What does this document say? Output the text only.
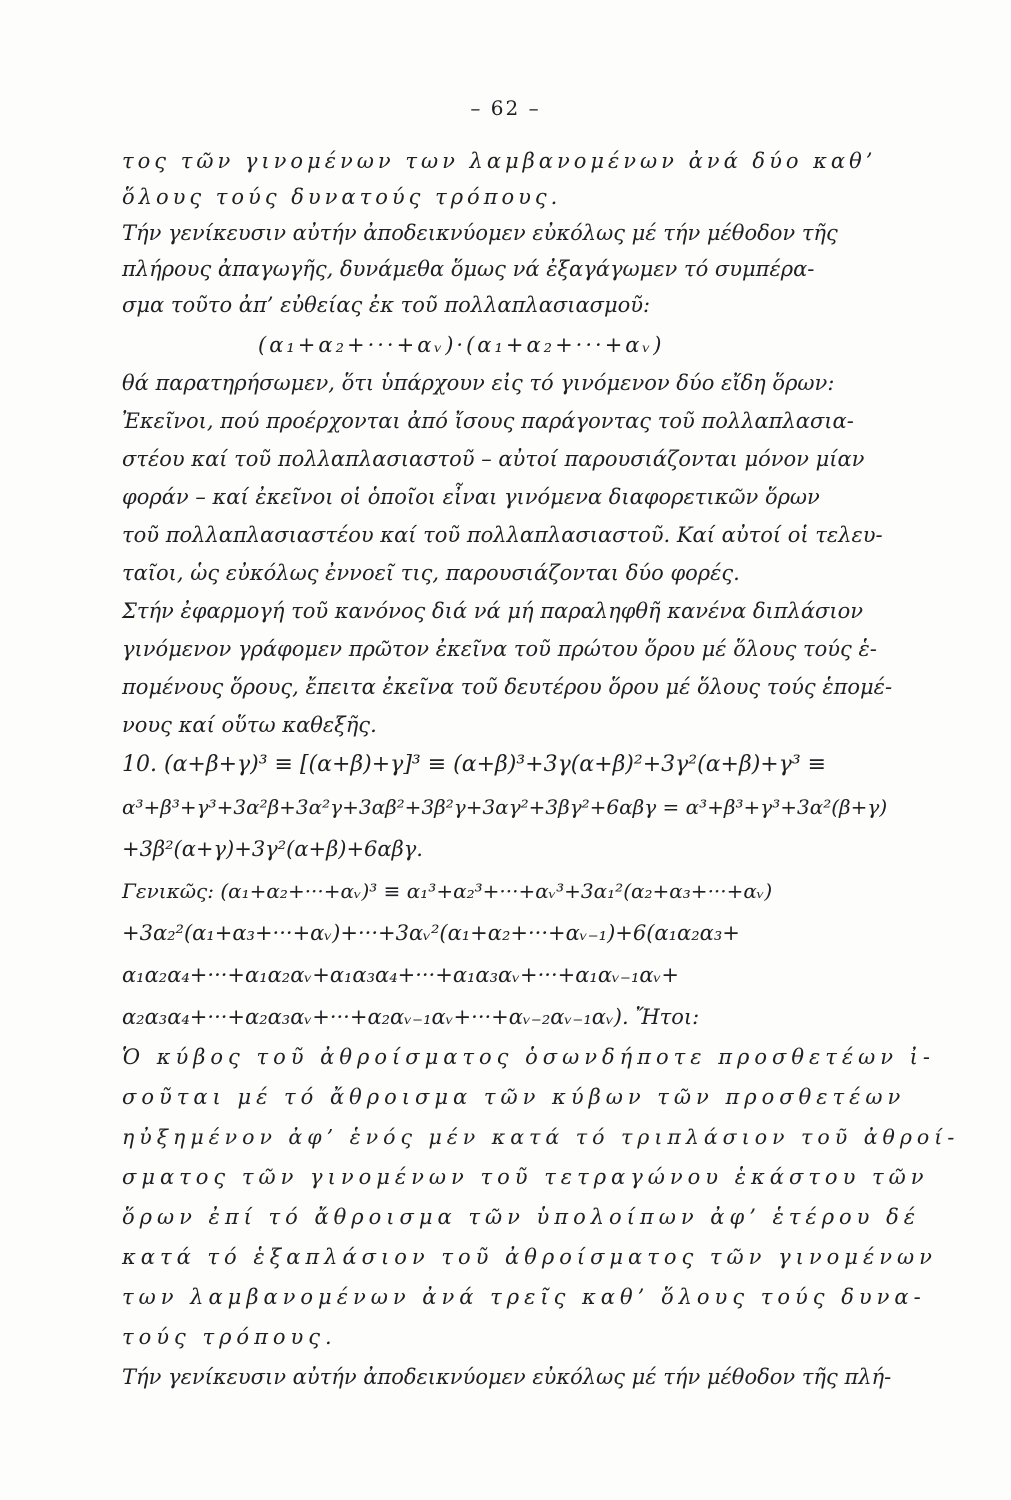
– 62 –
τος τῶν γινομένων των λαμβανομένων ἀνά δύο καθ’
ὅλους τούς δυνατούς τρόπους.
Τήν γενίκευσιν αὐτήν ἀποδεικνύομεν εὐκόλως μέ τήν μέθοδον τῆς
πλήρους ἀπαγωγῆς, δυνάμεθα ὅμως νά ἐξαγάγωμεν τό συμπέρα-
σμα τοῦτο ἀπ’ εὐθείας ἐκ τοῦ πολλαπλασιασμοῦ:
(α₁+α₂+···+αᵥ)·(α₁+α₂+···+αᵥ)
θά παρατηρήσωμεν, ὅτι ὑπάρχουν εἰς τό γινόμενον δύο εἴδη ὅρων:
Ἐκεῖνοι, πού προέρχονται ἀπό ἴσους παράγοντας τοῦ πολλαπλασια-
στέου καί τοῦ πολλαπλασιαστοῦ – αὐτοί παρουσιάζονται μόνον μίαν
φοράν – καί ἐκεῖνοι οἱ ὁποῖοι εἶναι γινόμενα διαφορετικῶν ὅρων
τοῦ πολλαπλασιαστέου καί τοῦ πολλαπλασιαστοῦ. Καί αὐτοί οἱ τελευ-
ταῖοι, ὡς εὐκόλως ἐννοεῖ τις, παρουσιάζονται δύο φορές.
Στήν ἐφαρμογή τοῦ κανόνος διά νά μή παραληφθῆ κανένα διπλάσιον
γινόμενον γράφομεν πρῶτον ἐκεῖνα τοῦ πρώτου ὅρου μέ ὅλους τούς ἑ-
πομένους ὅρους, ἔπειτα ἐκεῖνα τοῦ δευτέρου ὅρου μέ ὅλους τούς ἑπομέ-
νους καί οὕτω καθεξῆς.
10. (α+β+γ)³ ≡ [(α+β)+γ]³ ≡ (α+β)³+3γ(α+β)²+3γ²(α+β)+γ³ ≡
α³+β³+γ³+3α²β+3α²γ+3αβ²+3β²γ+3αγ²+3βγ²+6αβγ = α³+β³+γ³+3α²(β+γ)
+3β²(α+γ)+3γ²(α+β)+6αβγ.
Γενικῶς: (α₁+α₂+···+αᵥ)³ ≡ α₁³+α₂³+···+αᵥ³+3α₁²(α₂+α₃+···+αᵥ)
+3α₂²(α₁+α₃+···+αᵥ)+···+3αᵥ²(α₁+α₂+···+αᵥ₋₁)+6(α₁α₂α₃+
α₁α₂α₄+···+α₁α₂αᵥ+α₁α₃α₄+···+α₁α₃αᵥ+···+α₁αᵥ₋₁αᵥ+
α₂α₃α₄+···+α₂α₃αᵥ+···+α₂αᵥ₋₁αᵥ+···+αᵥ₋₂αᵥ₋₁αᵥ). Ἤτοι:
Ὁ κύβος τοῦ ἀθροίσματος ὁσωνδήποτε προσθετέων ἰ-
σοῦται μέ τό ἄθροισμα τῶν κύβων τῶν προσθετέων
ηὐξημένον ἀφ’ ἑνός μέν κατά τό τριπλάσιον τοῦ ἀθροί-
σματος τῶν γινομένων τοῦ τετραγώνου ἑκάστου τῶν
ὅρων ἐπί τό ἄθροισμα τῶν ὑπολοίπων ἀφ’ ἑτέρου δέ
κατά τό ἑξαπλάσιον τοῦ ἀθροίσματος τῶν γινομένων
των λαμβανομένων ἀνά τρεῖς καθ’ ὅλους τούς δυνα-
τούς τρόπους.
Τήν γενίκευσιν αὐτήν ἀποδεικνύομεν εὐκόλως μέ τήν μέθοδον τῆς πλή-
